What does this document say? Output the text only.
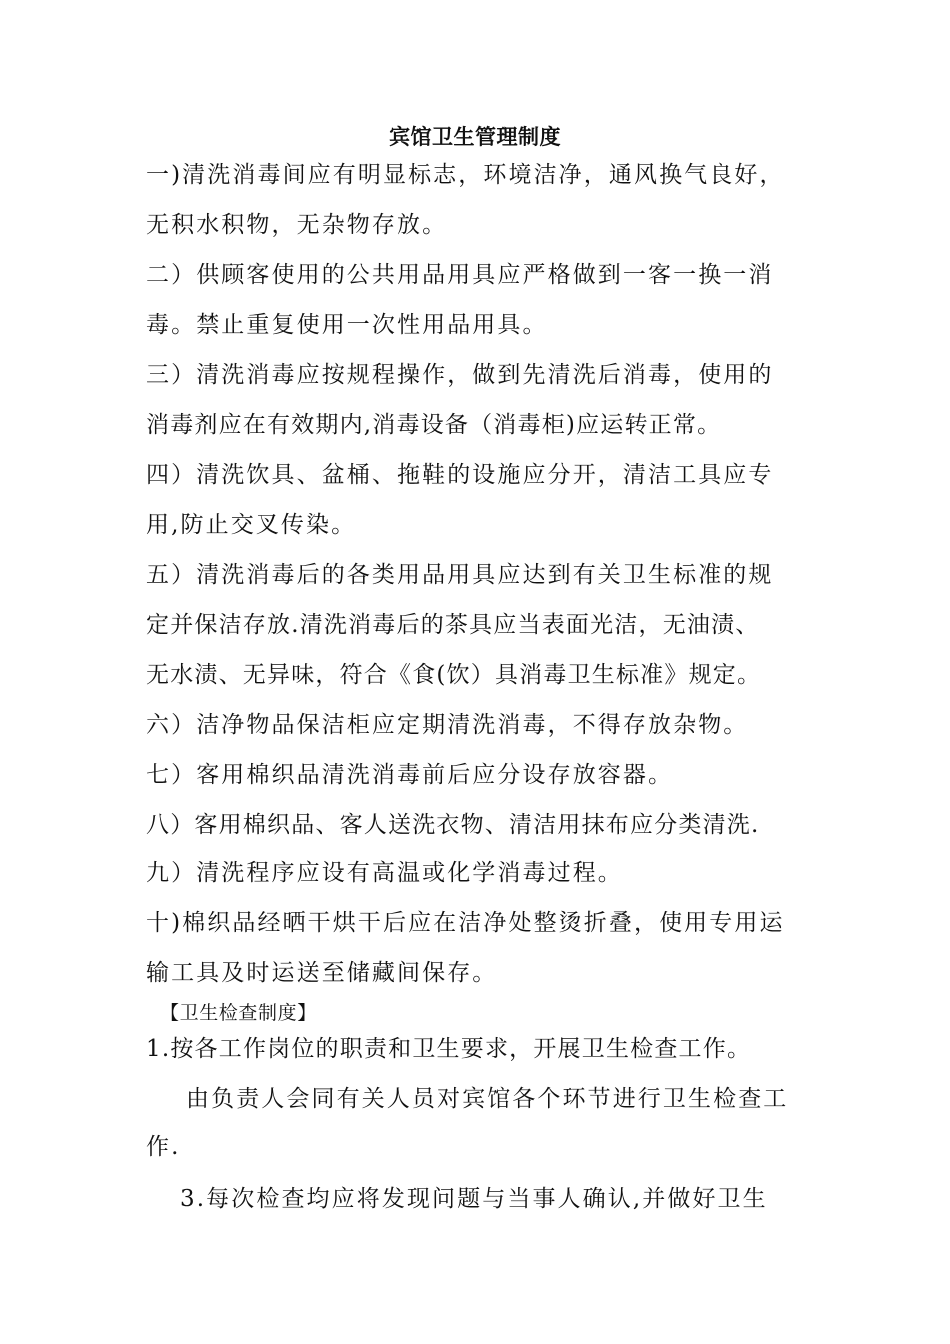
宾馆卫生管理制度
一)清洗消毒间应有明显标志，环境洁净，通风换气良好，
无积水积物，无杂物存放。
二）供顾客使用的公共用品用具应严格做到一客一换一消
毒。禁止重复使用一次性用品用具。
三）清洗消毒应按规程操作，做到先清洗后消毒，使用的
消毒剂应在有效期内,消毒设备（消毒柜)应运转正常。
四）清洗饮具、盆桶、拖鞋的设施应分开，清洁工具应专
用,防止交叉传染。
五）清洗消毒后的各类用品用具应达到有关卫生标准的规
定并保洁存放.清洗消毒后的茶具应当表面光洁，无油渍、
无水渍、无异味，符合《食(饮）具消毒卫生标准》规定。
六）洁净物品保洁柜应定期清洗消毒，不得存放杂物。
七）客用棉织品清洗消毒前后应分设存放容器。
八）客用棉织品、客人送洗衣物、清洁用抹布应分类清洗.
九）清洗程序应设有高温或化学消毒过程。
十)棉织品经晒干烘干后应在洁净处整烫折叠，使用专用运
输工具及时运送至储藏间保存。
【卫生检查制度】
1.按各工作岗位的职责和卫生要求，开展卫生检查工作。
由负责人会同有关人员对宾馆各个环节进行卫生检查工
作.
3.每次检查均应将发现问题与当事人确认,并做好卫生
